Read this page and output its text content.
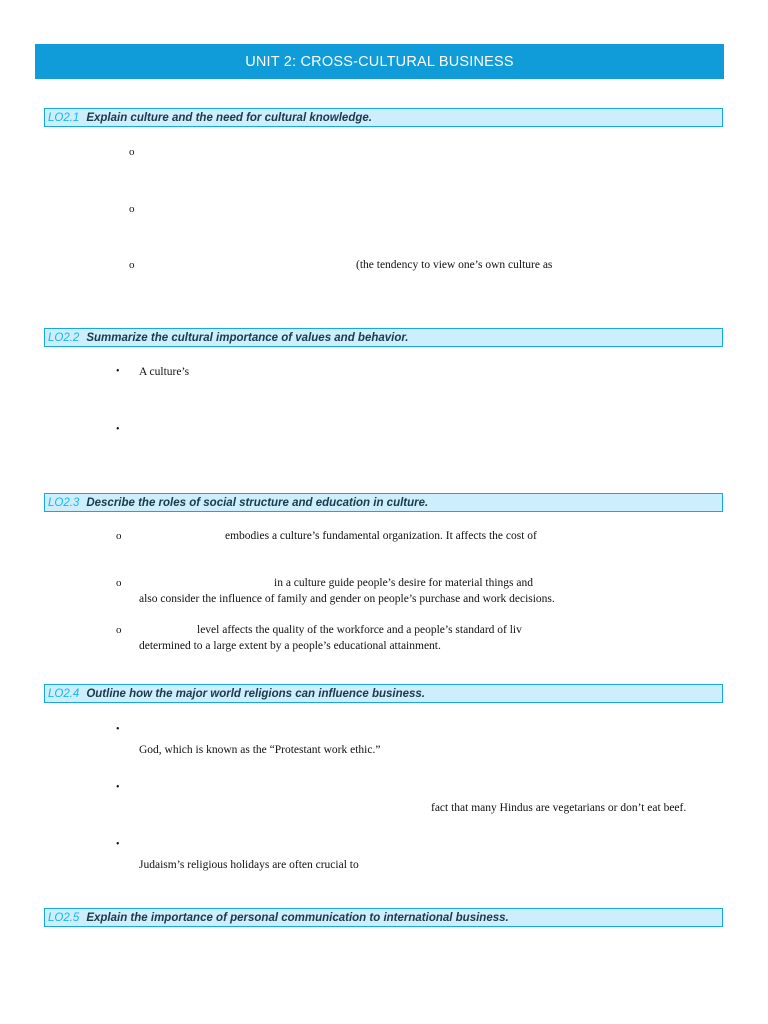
UNIT 2: CROSS-CULTURAL BUSINESS
LO2.1 Explain culture and the need for cultural knowledge.
o
o
o	(the tendency to view one’s own culture as
LO2.2 Summarize the cultural importance of values and behavior.
• A culture’s
•
LO2.3 Describe the roles of social structure and education in culture.
o	embodies a culture’s fundamental organization. It affects the cost of
o	in a culture guide people’s desire for material things and
also consider the influence of family and gender on people’s purchase and work decisions.
o	level affects the quality of the workforce and a people’s standard of liv
determined to a large extent by a people’s educational attainment.
LO2.4 Outline how the major world religions can influence business.
•
God, which is known as the “Protestant work ethic.”
•
fact that many Hindus are vegetarians or don’t eat beef.
•
Judaism’s religious holidays are often crucial to
LO2.5 Explain the importance of personal communication to international business.
